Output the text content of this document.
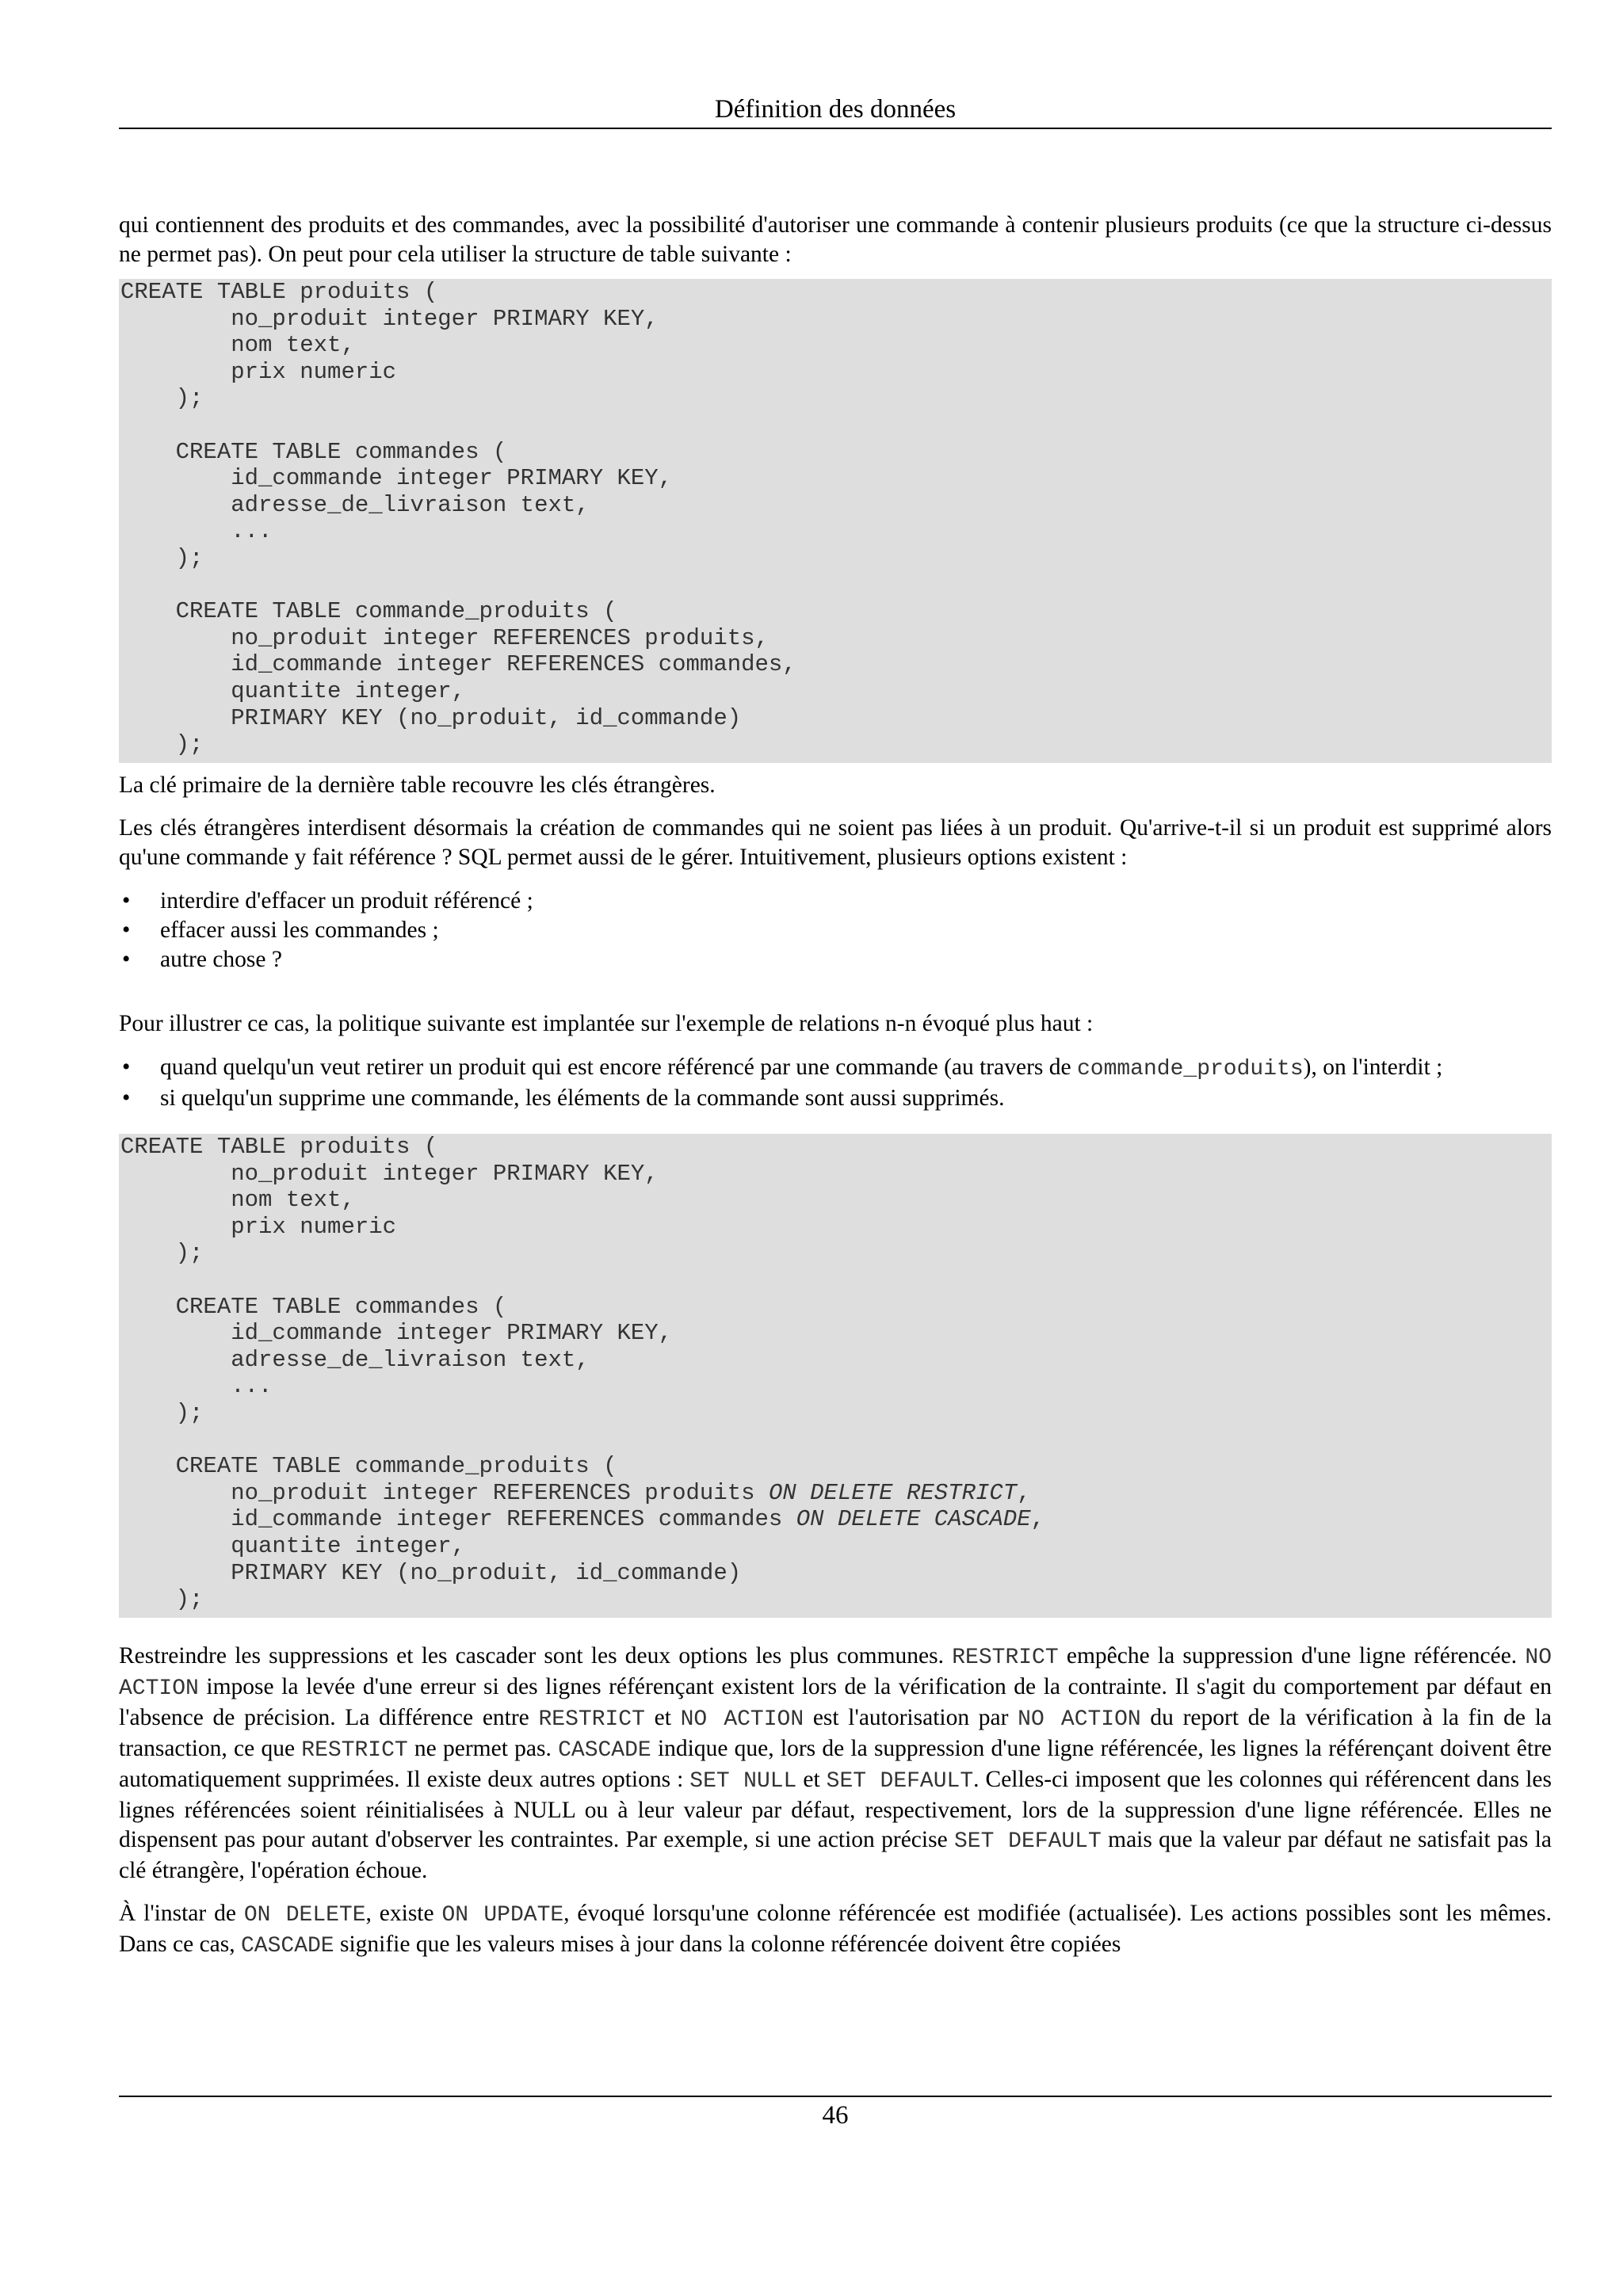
Définition des données

qui contiennent des produits et des commandes, avec la possibilité d'autoriser une commande à contenir plusieurs produits (ce que la structure ci-dessus ne permet pas). On peut pour cela utiliser la structure de table suivante :

CREATE TABLE produits (
no_produit integer PRIMARY KEY,
nom text,
prix numeric
);

CREATE TABLE commandes (
id_commande integer PRIMARY KEY,
adresse_de_livraison text,
...
);

CREATE TABLE commande_produits (
no_produit integer REFERENCES produits,
id_commande integer REFERENCES commandes,
quantite integer,
PRIMARY KEY (no_produit, id_commande)
);

La clé primaire de la dernière table recouvre les clés étrangères.

Les clés étrangères interdisent désormais la création de commandes qui ne soient pas liées à un produit. Qu'arrive-t-il si un produit est supprimé alors qu'une commande y fait référence ? SQL permet aussi de le gérer. Intuitivement, plusieurs options existent :

• interdire d'effacer un produit référencé ;
• effacer aussi les commandes ;
• autre chose ?

Pour illustrer ce cas, la politique suivante est implantée sur l'exemple de relations n-n évoqué plus haut :

• quand quelqu'un veut retirer un produit qui est encore référencé par une commande (au travers de commande_produits), on l'interdit ;
• si quelqu'un supprime une commande, les éléments de la commande sont aussi supprimés.
CREATE TABLE produits (
no_produit integer PRIMARY KEY,
nom text,
prix numeric
);

CREATE TABLE commandes (
id_commande integer PRIMARY KEY,
adresse_de_livraison text,
...
);

CREATE TABLE commande_produits (
no_produit integer REFERENCES produits ON DELETE RESTRICT,
id_commande integer REFERENCES commandes ON DELETE CASCADE,
quantite integer,
PRIMARY KEY (no_produit, id_commande)
);

Restreindre les suppressions et les cascader sont les deux options les plus communes. RESTRICT empêche la suppression d'une ligne référencée. NO ACTION impose la levée d'une erreur si des lignes référençant existent lors de la vérification de la contrainte. Il s'agit du comportement par défaut en l'absence de précision. La différence entre RESTRICT et NO ACTION est l'autorisation par NO ACTION du report de la vérification à la fin de la transaction, ce que RESTRICT ne permet pas. CASCADE indique que, lors de la suppression d'une ligne référencée, les lignes la référençant doivent être automatiquement supprimées. Il existe deux autres options : SET NULL et SET DEFAULT. Celles-ci imposent que les colonnes qui référencent dans les lignes référencées soient réinitialisées à NULL ou à leur valeur par défaut, respectivement, lors de la suppression d'une ligne référencée. Elles ne dispensent pas pour autant d'observer les contraintes. Par exemple, si une action précise SET DEFAULT mais que la valeur par défaut ne satisfait pas la clé étrangère, l'opération échoue.

À l'instar de ON DELETE, existe ON UPDATE, évoqué lorsqu'une colonne référencée est modifiée (actualisée). Les actions possibles sont les mêmes. Dans ce cas, CASCADE signifie que les valeurs mises à jour dans la colonne référencée doivent être copiées

46
